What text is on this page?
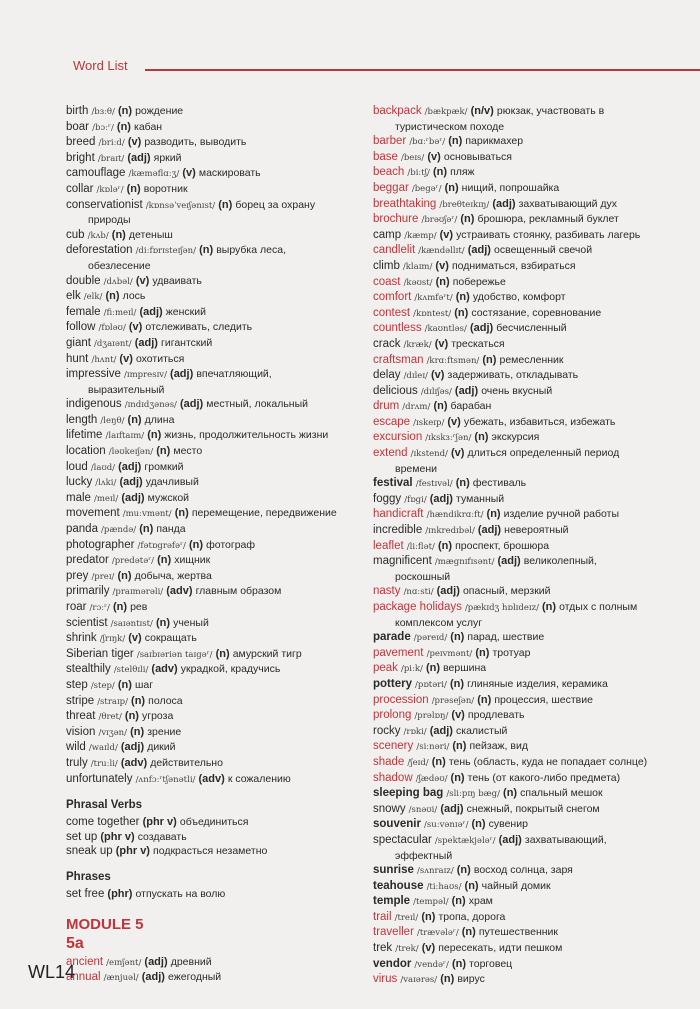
Word List
birth /bɜːθ/ (n) рождение
boar /bɔːʳ/ (n) кабан
breed /briːd/ (v) разводить, выводить
bright /braɪt/ (adj) яркий
camouflage /kæməflɑːʒ/ (v) маскировать
collar /kɒləʳ/ (n) воротник
conservationist /kɒnsəˈveɪʃənɪst/ (n) борец за охрану
природы
cub /kʌb/ (n) детеныш
deforestation /diːfɒrɪsteɪʃən/ (n) вырубка леса,
обезлесение
double /dʌbəl/ (v) удваивать
elk /elk/ (n) лось
female /fiːmeɪl/ (adj) женский
follow /fɒləʊ/ (v) отслеживать, следить
giant /dʒaɪənt/ (adj) гигантский
hunt /hʌnt/ (v) охотиться
impressive /ɪmpresɪv/ (adj) впечатляющий,
выразительный
indigenous /ɪndɪdʒənəs/ (adj) местный, локальный
length /leŋθ/ (n) длина
lifetime /laɪftaɪm/ (n) жизнь, продолжительность жизни
location /ləʊkeɪʃən/ (n) место
loud /laʊd/ (adj) громкий
lucky /lʌki/ (adj) удачливый
male /meɪl/ (adj) мужской
movement /muːvmənt/ (n) перемещение, передвижение
panda /pændə/ (n) панда
photographer /fətɒgrəfəʳ/ (n) фотограф
predator /predətəʳ/ (n) хищник
prey /preɪ/ (n) добыча, жертва
primarily /praɪmərəli/ (adv) главным образом
roar /rɔːʳ/ (n) рев
scientist /saɪəntɪst/ (n) ученый
shrink /ʃrɪŋk/ (v) сокращать
Siberian tiger /saɪbɪəriən taɪgəʳ/ (n) амурский тигр
stealthily /stelθɪli/ (adv) украдкой, крадучись
step /step/ (n) шаг
stripe /straɪp/ (n) полоса
threat /θret/ (n) угроза
vision /vɪʒən/ (n) зрение
wild /waɪld/ (adj) дикий
truly /truːli/ (adv) действительно
unfortunately /ʌnfɔːʳtʃənətli/ (adv) к сожалению
Phrasal Verbs
come together (phr v) объединиться
set up (phr v) создавать
sneak up (phr v) подкрасться незаметно
Phrases
set free (phr) отпускать на волю
MODULE 5
5a
ancient /eɪnʃənt/ (adj) древний
annual /ænjuəl/ (adj) ежегодный
backpack /bækpæk/ (n/v) рюкзак, участвовать в
туристическом походе
barber /bɑːʳbəʳ/ (n) парикмахер
base /beɪs/ (v) основываться
beach /biːtʃ/ (n) пляж
beggar /begəʳ/ (n) нищий, попрошайка
breathtaking /breθteɪkɪŋ/ (adj) захватывающий дух
brochure /brəʊʃəʳ/ (n) брошюра, рекламный буклет
camp /kæmp/ (v) устраивать стоянку, разбивать лагерь
candlelit /kændəllɪt/ (adj) освещенный свечой
climb /klaɪm/ (v) подниматься, взбираться
coast /kəʊst/ (n) побережье
comfort /kʌmfəʳt/ (n) удобство, комфорт
contest /kɒntest/ (n) состязание, соревнование
countless /kaʊntləs/ (adj) бесчисленный
crack /kræk/ (v) трескаться
craftsman /krɑːftsmən/ (n) ремесленник
delay /dɪleɪ/ (v) задерживать, откладывать
delicious /dɪlɪʃəs/ (adj) очень вкусный
drum /drʌm/ (n) барабан
escape /ɪskeɪp/ (v) убежать, избавиться, избежать
excursion /ɪkskɜːʳʃən/ (n) экскурсия
extend /ɪkstend/ (v) длиться определенный период
времени
festival /festɪvəl/ (n) фестиваль
foggy /fɒgi/ (adj) туманный
handicraft /hændikrɑːft/ (n) изделие ручной работы
incredible /ɪnkredɪbəl/ (adj) невероятный
leaflet /liːflət/ (n) проспект, брошюра
magnificent /mægnɪfɪsənt/ (adj) великолепный,
роскошный
nasty /nɑːsti/ (adj) опасный, мерзкий
package holidays /pækɪdʒ hɒlɪdeɪz/ (n) отдых с полным
комплексом услуг
parade /pəreɪd/ (n) парад, шествие
pavement /peɪvmənt/ (n) тротуар
peak /piːk/ (n) вершина
pottery /pɒtəri/ (n) глиняные изделия, керамика
procession /prəseʃən/ (n) процессия, шествие
prolong /prəlɒŋ/ (v) продлевать
rocky /rɒki/ (adj) скалистый
scenery /siːnəri/ (n) пейзаж, вид
shade /ʃeɪd/ (n) тень (область, куда не попадает солнце)
shadow /ʃædəʊ/ (n) тень (от какого-либо предмета)
sleeping bag /sliːpɪŋ bæg/ (n) спальный мешок
snowy /snəʊi/ (adj) снежный, покрытый снегом
souvenir /suːvənɪəʳ/ (n) сувенир
spectacular /spektækjələʳ/ (adj) захватывающий,
эффектный
sunrise /sʌnraɪz/ (n) восход солнца, заря
teahouse /tiːhaʊs/ (n) чайный домик
temple /tempəl/ (n) храм
trail /treɪl/ (n) тропа, дорога
traveller /trævələʳ/ (n) путешественник
trek /trek/ (v) пересекать, идти пешком
vendor /vendəʳ/ (n) торговец
virus /vaɪərəs/ (n) вирус
WL14
